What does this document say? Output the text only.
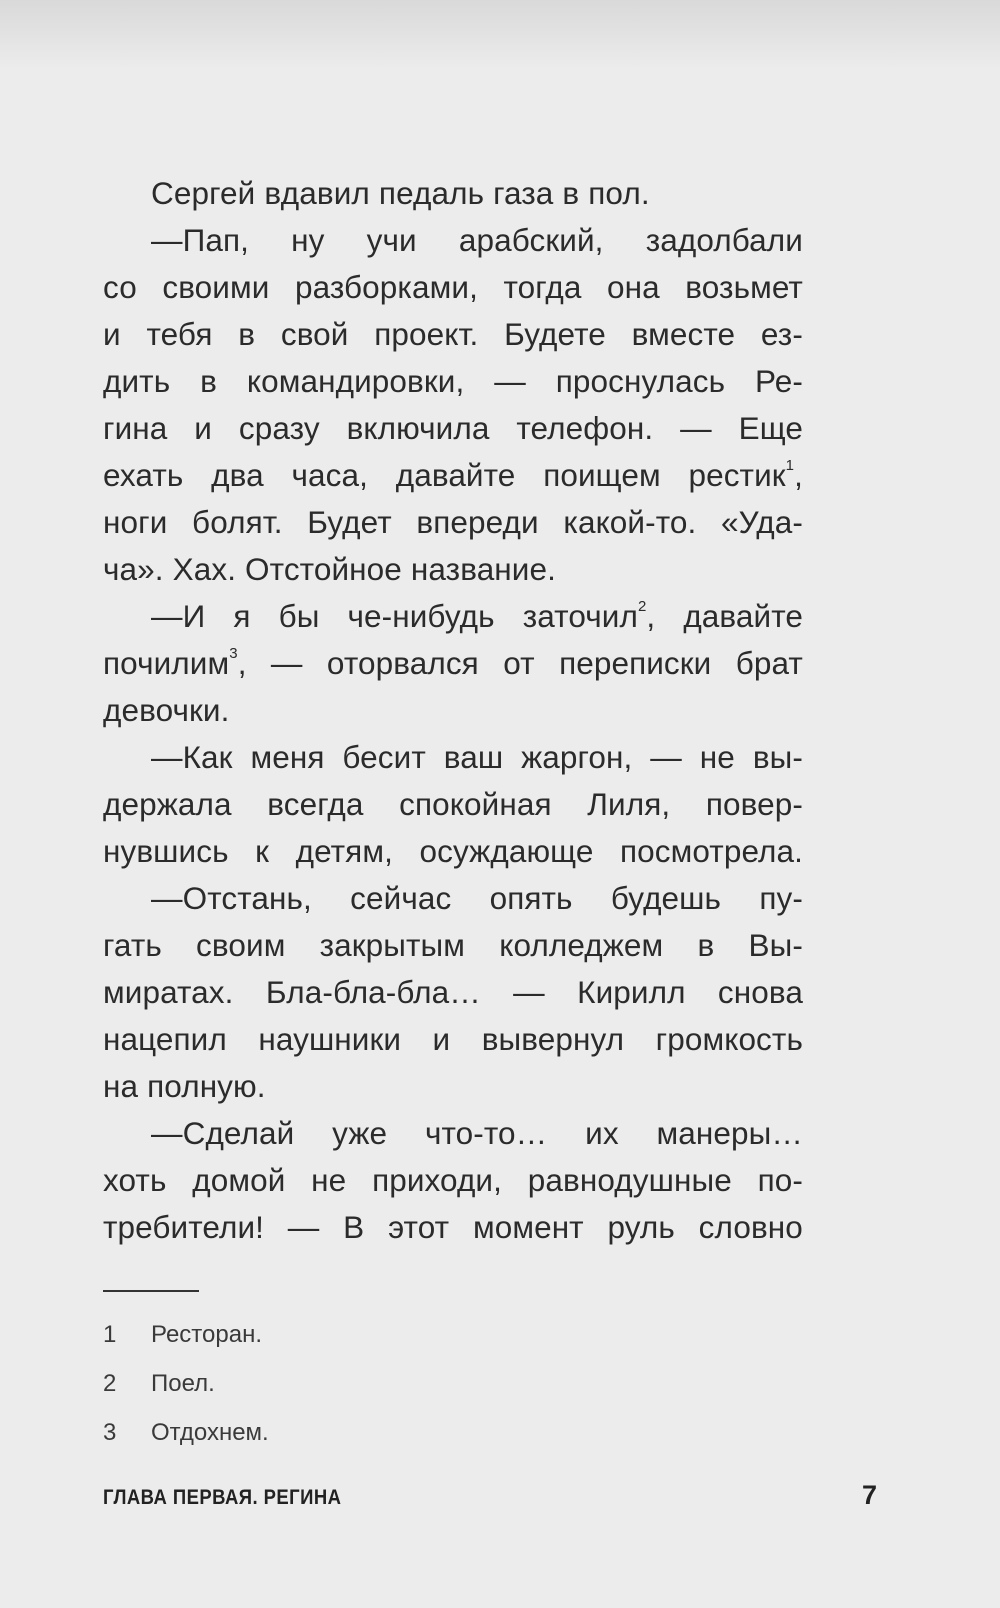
Сергей вдавил педаль газа в пол.
—Пап, ну учи арабский, задолбали
со своими разборками, тогда она возьмет
и тебя в свой проект. Будете вместе ез-
дить в командировки, — проснулась Ре-
гина и сразу включила телефон. — Еще
ехать два часа, давайте поищем рестик$^1$,
ноги болят. Будет впереди какой-то. «Уда-
ча». Хах. Отстойное название.
—И я бы че-нибудь заточил$^2$, давайте
почилим$^3$, — оторвался от переписки брат
девочки.
—Как меня бесит ваш жаргон, — не вы-
держала всегда спокойная Лиля, повер-
нувшись к детям, осуждающе посмотрела.
—Отстань, сейчас опять будешь пу-
гать своим закрытым колледжем в Вы-
миратах. Бла-бла-бла… — Кирилл снова
нацепил наушники и вывернул громкость
на полную.
—Сделай уже что-то… их манеры…
хоть домой не приходи, равнодушные по-
требители! — В этот момент руль словно
1 Ресторан.
2 Поел.
3 Отдохнем.
ГЛАВА ПЕРВАЯ. РЕГИНА	7
